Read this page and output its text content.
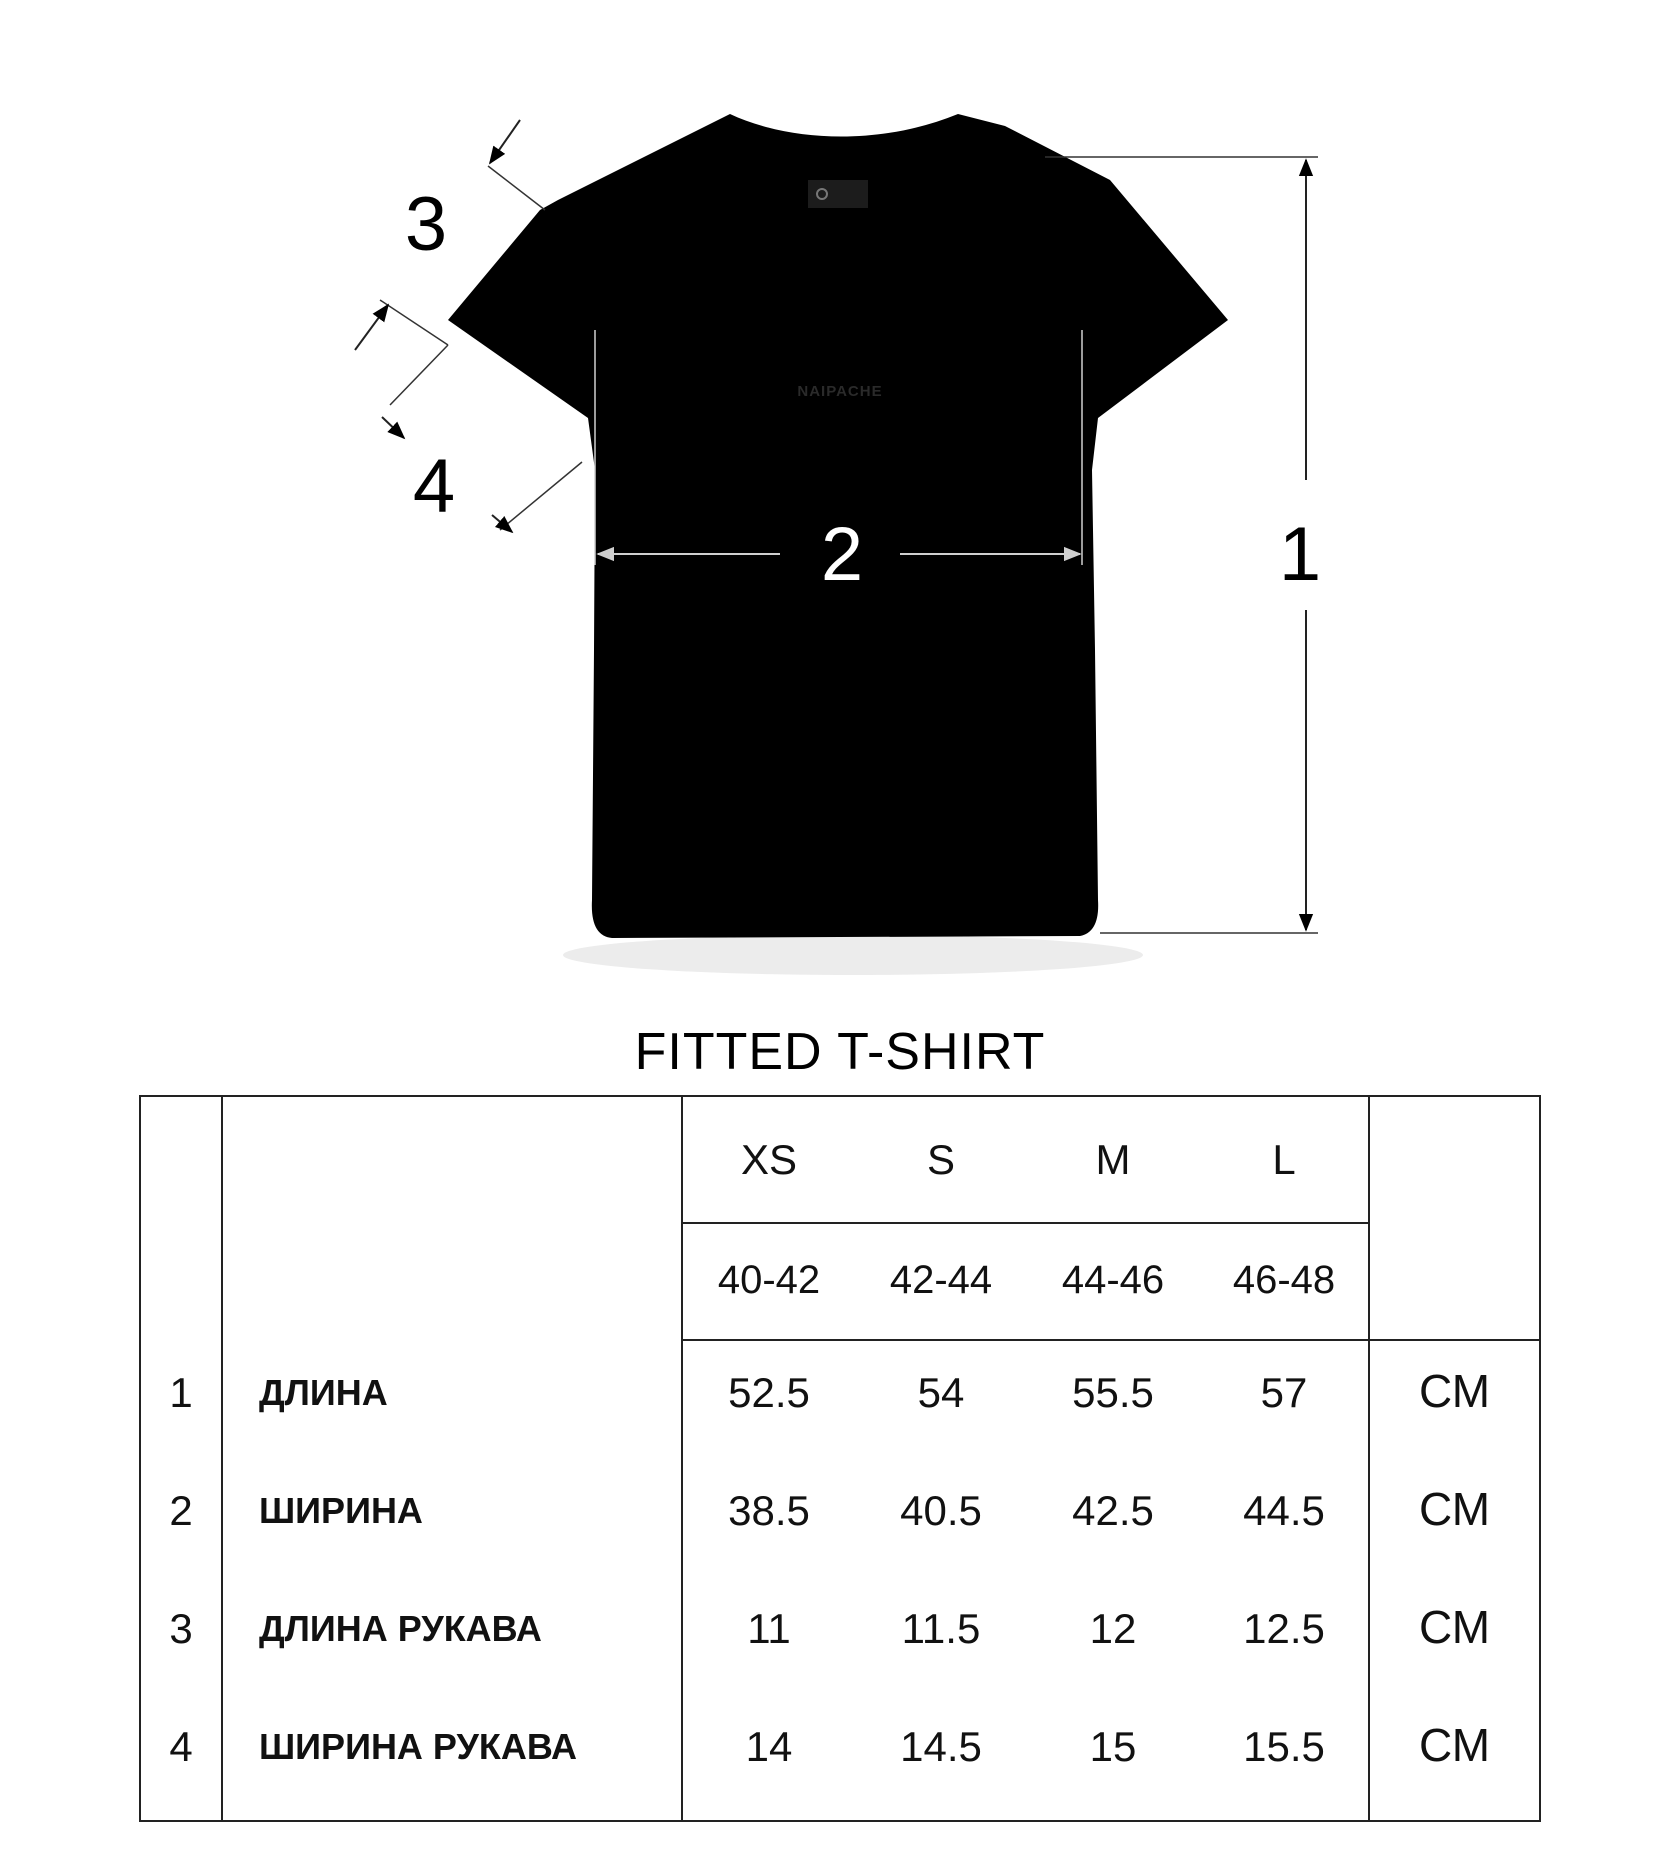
NAIPACHE
1
2
3
4
FITTED T-SHIRT
XS	S	M	L
40-42	42-44	44-46	46-48
1	ДЛИНА	52.5	54	55.5	57	СМ
2	ШИРИНА	38.5	40.5	42.5	44.5	СМ
3	ДЛИНА РУКАВА	11	11.5	12	12.5	СМ
4	ШИРИНА РУКАВА	14	14.5	15	15.5	СМ
